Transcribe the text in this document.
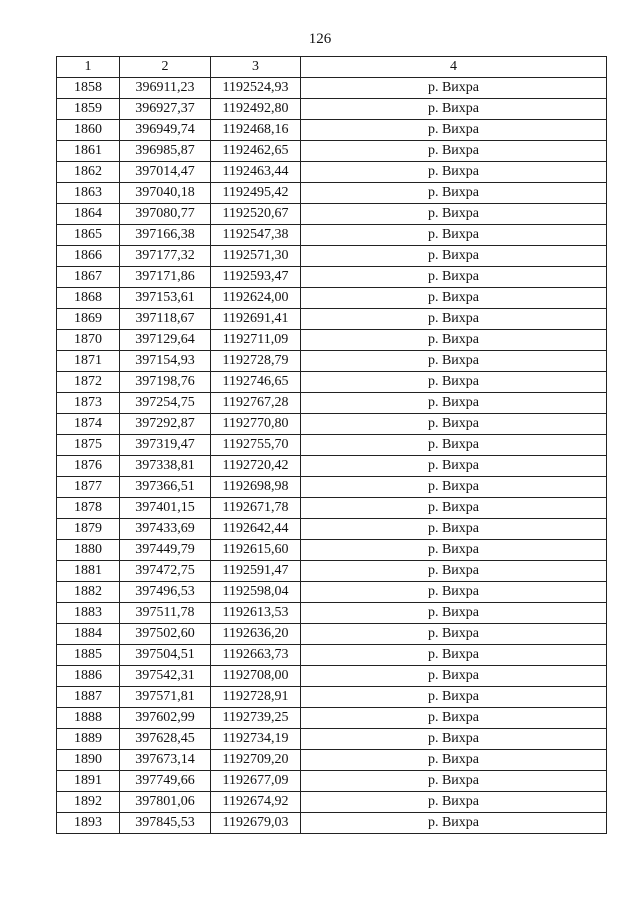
126
1	2	3	4
1858	396911,23	1192524,93	р. Вихра
1859	396927,37	1192492,80	р. Вихра
1860	396949,74	1192468,16	р. Вихра
1861	396985,87	1192462,65	р. Вихра
1862	397014,47	1192463,44	р. Вихра
1863	397040,18	1192495,42	р. Вихра
1864	397080,77	1192520,67	р. Вихра
1865	397166,38	1192547,38	р. Вихра
1866	397177,32	1192571,30	р. Вихра
1867	397171,86	1192593,47	р. Вихра
1868	397153,61	1192624,00	р. Вихра
1869	397118,67	1192691,41	р. Вихра
1870	397129,64	1192711,09	р. Вихра
1871	397154,93	1192728,79	р. Вихра
1872	397198,76	1192746,65	р. Вихра
1873	397254,75	1192767,28	р. Вихра
1874	397292,87	1192770,80	р. Вихра
1875	397319,47	1192755,70	р. Вихра
1876	397338,81	1192720,42	р. Вихра
1877	397366,51	1192698,98	р. Вихра
1878	397401,15	1192671,78	р. Вихра
1879	397433,69	1192642,44	р. Вихра
1880	397449,79	1192615,60	р. Вихра
1881	397472,75	1192591,47	р. Вихра
1882	397496,53	1192598,04	р. Вихра
1883	397511,78	1192613,53	р. Вихра
1884	397502,60	1192636,20	р. Вихра
1885	397504,51	1192663,73	р. Вихра
1886	397542,31	1192708,00	р. Вихра
1887	397571,81	1192728,91	р. Вихра
1888	397602,99	1192739,25	р. Вихра
1889	397628,45	1192734,19	р. Вихра
1890	397673,14	1192709,20	р. Вихра
1891	397749,66	1192677,09	р. Вихра
1892	397801,06	1192674,92	р. Вихра
1893	397845,53	1192679,03	р. Вихра
